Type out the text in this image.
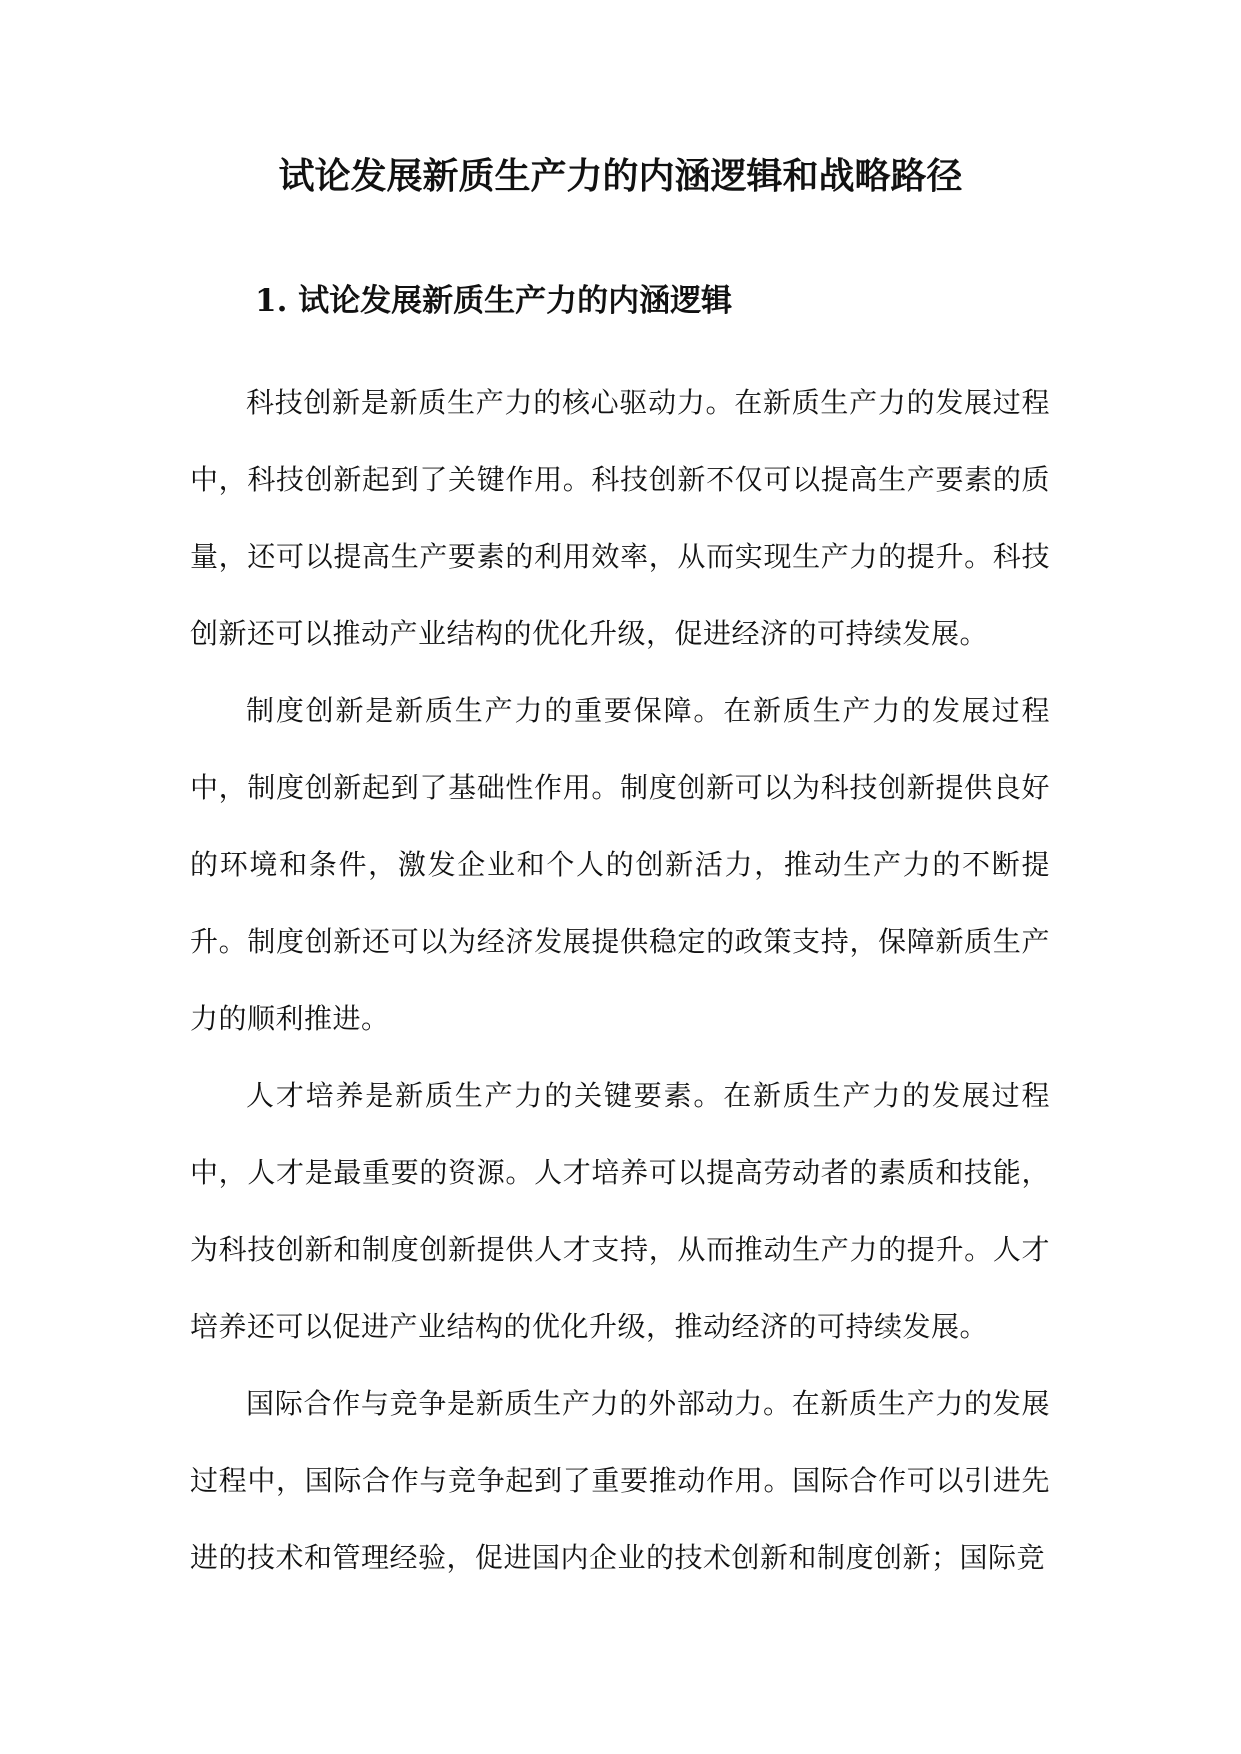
试论发展新质生产力的内涵逻辑和战略路径
1. 试论发展新质生产力的内涵逻辑

科技创新是新质生产力的核心驱动力。在新质生产力的发展过程中，科技创新起到了关键作用。科技创新不仅可以提高生产要素的质量，还可以提高生产要素的利用效率，从而实现生产力的提升。科技创新还可以推动产业结构的优化升级，促进经济的可持续发展。

制度创新是新质生产力的重要保障。在新质生产力的发展过程中，制度创新起到了基础性作用。制度创新可以为科技创新提供良好的环境和条件，激发企业和个人的创新活力，推动生产力的不断提升。制度创新还可以为经济发展提供稳定的政策支持，保障新质生产力的顺利推进。

人才培养是新质生产力的关键要素。在新质生产力的发展过程中，人才是最重要的资源。人才培养可以提高劳动者的素质和技能，为科技创新和制度创新提供人才支持，从而推动生产力的提升。人才培养还可以促进产业结构的优化升级，推动经济的可持续发展。

国际合作与竞争是新质生产力的外部动力。在新质生产力的发展过程中，国际合作与竞争起到了重要推动作用。国际合作可以引进先进的技术和管理经验，促进国内企业的技术创新和制度创新；国际竞
